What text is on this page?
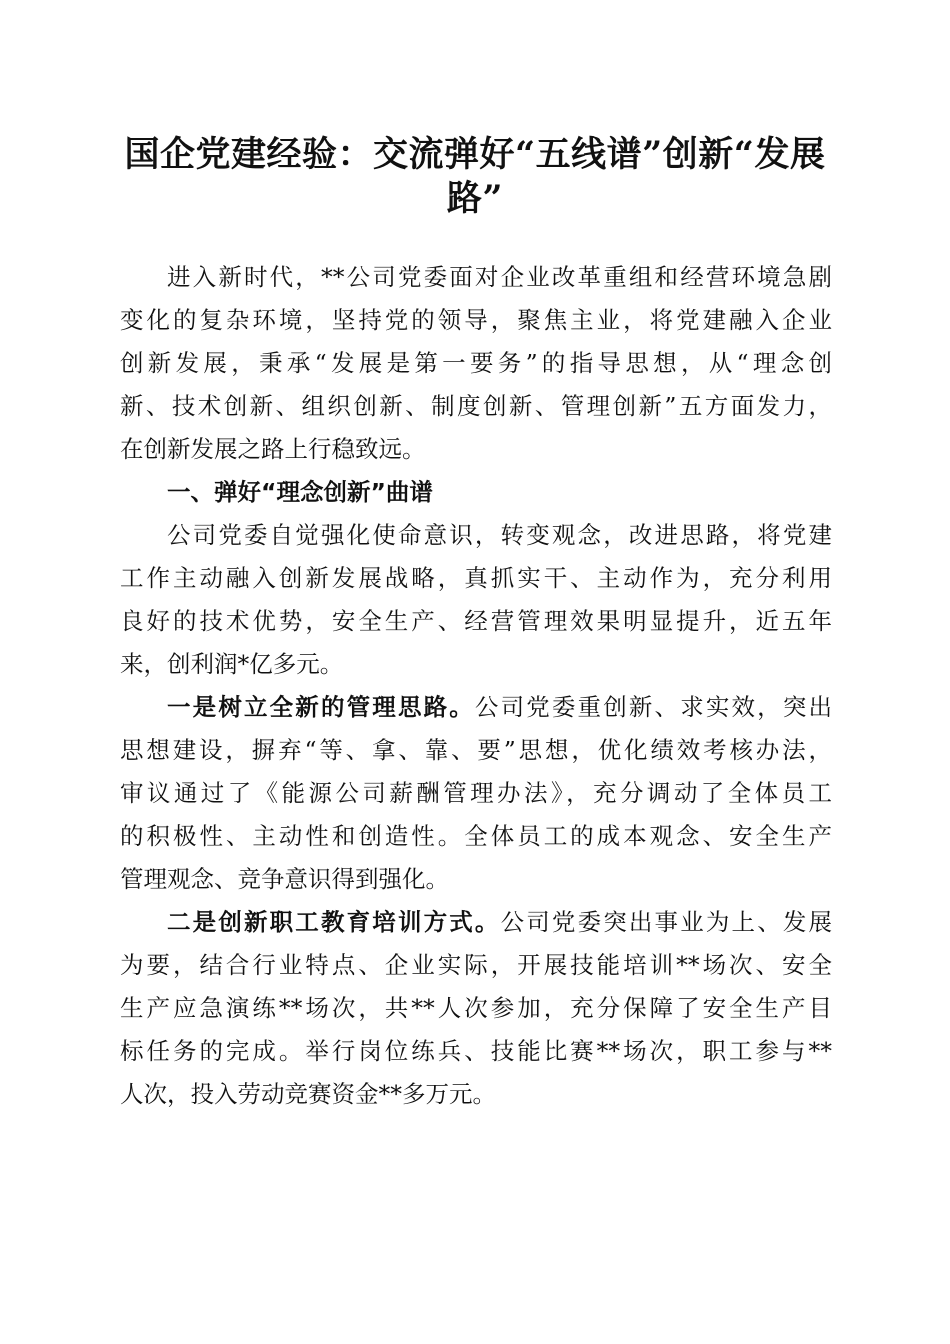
国企党建经验：交流弹好“五线谱”创新“发展路”
进入新时代，**公司党委面对企业改革重组和经营环境急剧
变化的复杂环境，坚持党的领导，聚焦主业，将党建融入企业
创新发展，秉承“发展是第一要务”的指导思想，从“理念创
新、技术创新、组织创新、制度创新、管理创新”五方面发力，
在创新发展之路上行稳致远。
一、弹好“理念创新”曲谱
公司党委自觉强化使命意识，转变观念，改进思路，将党建
工作主动融入创新发展战略，真抓实干、主动作为，充分利用
良好的技术优势，安全生产、经营管理效果明显提升，近五年
来，创利润*亿多元。
一是树立全新的管理思路。公司党委重创新、求实效，突出
思想建设，摒弃“等、拿、靠、要”思想，优化绩效考核办法，
审议通过了《能源公司薪酬管理办法》，充分调动了全体员工
的积极性、主动性和创造性。全体员工的成本观念、安全生产
管理观念、竞争意识得到强化。
二是创新职工教育培训方式。公司党委突出事业为上、发展
为要，结合行业特点、企业实际，开展技能培训**场次、安全
生产应急演练**场次，共**人次参加，充分保障了安全生产目
标任务的完成。举行岗位练兵、技能比赛**场次，职工参与**
人次，投入劳动竞赛资金**多万元。
